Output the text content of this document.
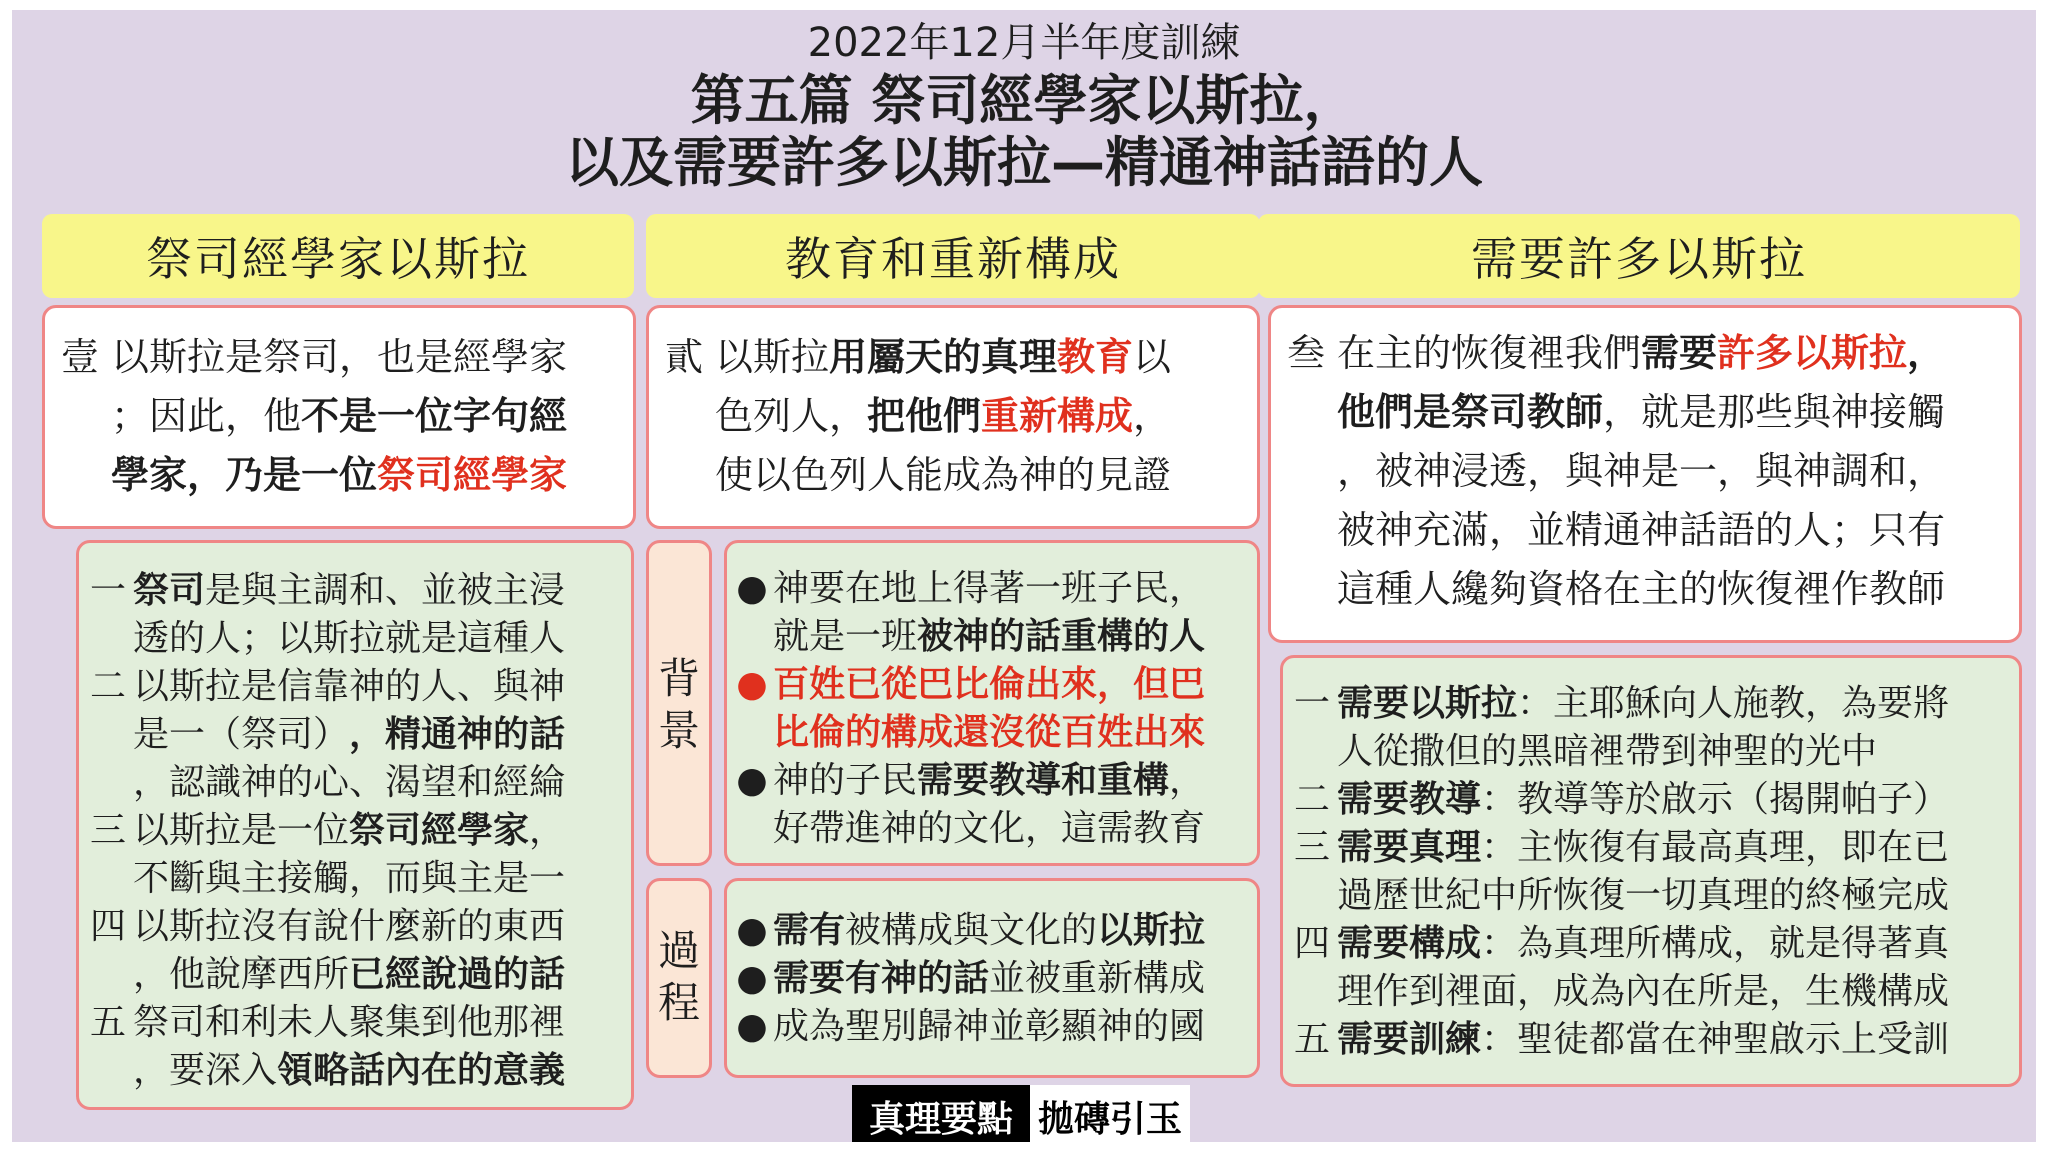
2022年12月半年度訓練
第五篇 祭司經學家以斯拉，
以及需要許多以斯拉—精通神話語的人
祭司經學家以斯拉	教育和重新構成	需要許多以斯拉
壹 以斯拉是祭司，也是經學家
；因此，他 不是一位字句經
學家，乃是一位 祭司經學家
貳 以斯拉 用屬天的真理 教育 以
色列人， 把他們 重新構成 ，
使以色列人能成為神的見證
叁 在主的恢復裡我們 需要 許多以斯拉 ，
他們是祭司教師 ，就是那些與神接觸
，被神浸透，與神是一，與神調和，
被神充滿，並精通神話語的人；只有
這種人纔夠資格在主的恢復裡作教師
一 祭司 是與主調和、並被主浸
透的人；以斯拉就是這種人
二 以斯拉是信靠神的人、與神
是一（祭司） ，精通神的話
，認識神的心、渴望和經綸
三 以斯拉是一位 祭司經學家 ，
不斷與主接觸，而與主是一
四 以斯拉沒有說什麼新的東西
，他說摩西所 已經說過的話
五 祭司和利未人聚集到他那裡
，要深入 領略話內在的意義
背
景
過
程
● 神要在地上得著一班子民，
就是一班 被神的話重構的人
● 百姓已從巴比倫出來，但巴
比倫的構成還沒從百姓出來
● 神的子民 需要教導和重構 ，
好帶進神的文化，這需教育
● 需有 被構成與文化的 以斯拉
● 需要有神的話 並被重新構成
● 成為聖別歸神並彰顯神的國
一 需要以斯拉 ：主耶穌向人施教，為要將
人從撒但的黑暗裡帶到神聖的光中
二 需要教導 ：教導等於啟示（揭開帕子）
三 需要真理 ：主恢復有最高真理，即在已
過歷世紀中所恢復一切真理的終極完成
四 需要構成 ：為真理所構成，就是得著真
理作到裡面，成為內在所是，生機構成
五 需要訓練 ：聖徒都當在神聖啟示上受訓
真理要點 拋磚引玉
